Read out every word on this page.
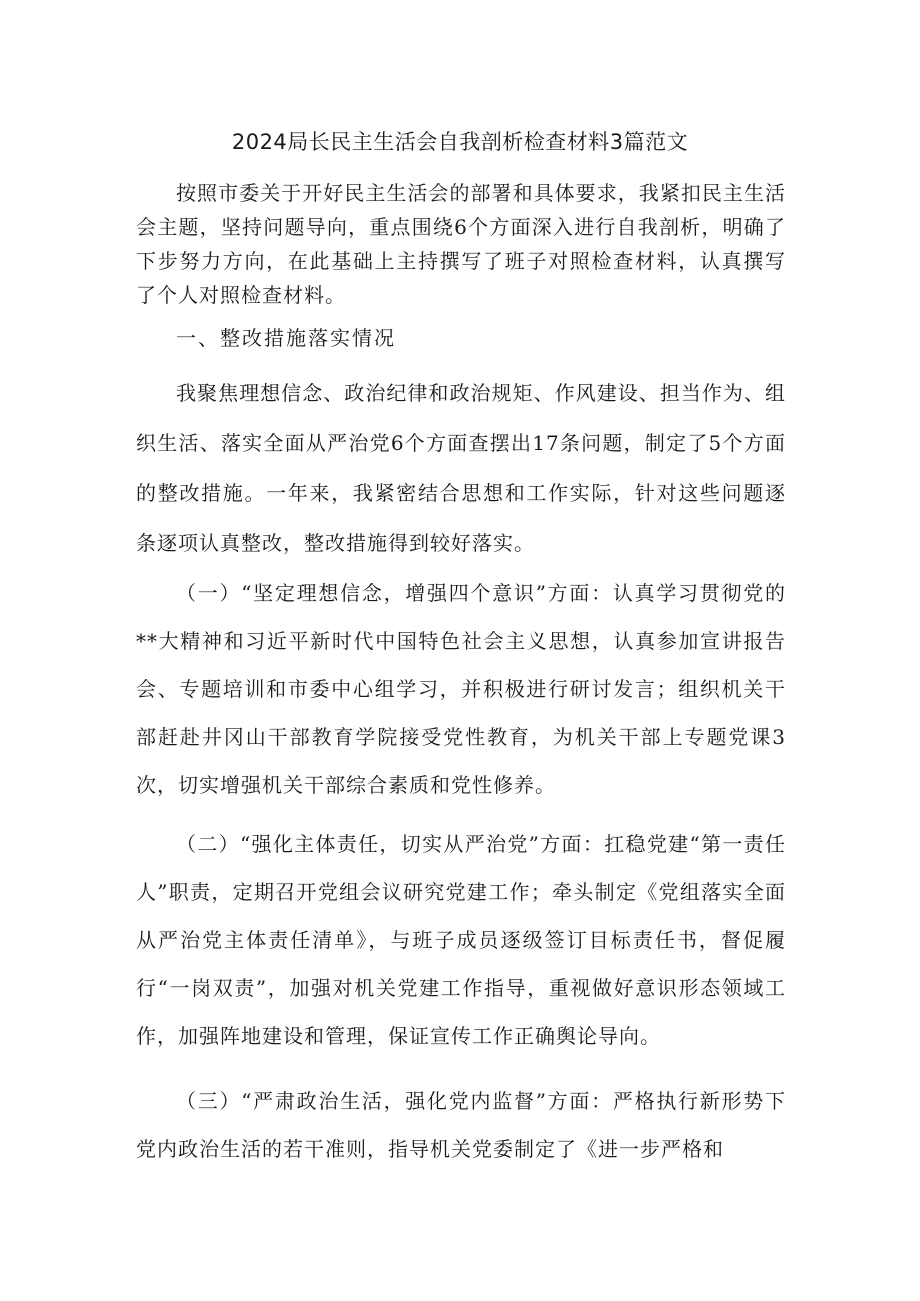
2024局长民主生活会自我剖析检查材料3篇范文

按照市委关于开好民主生活会的部署和具体要求，我紧扣民主生活会主题，坚持问题导向，重点围绕6个方面深入进行自我剖析，明确了下步努力方向，在此基础上主持撰写了班子对照检查材料，认真撰写了个人对照检查材料。

一、整改措施落实情况

我聚焦理想信念、政治纪律和政治规矩、作风建设、担当作为、组织生活、落实全面从严治党6个方面查摆出17条问题，制定了5个方面的整改措施。一年来，我紧密结合思想和工作实际，针对这些问题逐条逐项认真整改，整改措施得到较好落实。

（一）“坚定理想信念，增强四个意识”方面：认真学习贯彻党的**大精神和习近平新时代中国特色社会主义思想，认真参加宣讲报告会、专题培训和市委中心组学习，并积极进行研讨发言；组织机关干部赶赴井冈山干部教育学院接受党性教育，为机关干部上专题党课3次，切实增强机关干部综合素质和党性修养。

（二）“强化主体责任，切实从严治党”方面：扛稳党建“第一责任人”职责，定期召开党组会议研究党建工作；牵头制定《党组落实全面从严治党主体责任清单》，与班子成员逐级签订目标责任书，督促履行“一岗双责”，加强对机关党建工作指导，重视做好意识形态领域工作，加强阵地建设和管理，保证宣传工作正确舆论导向。

（三）“严肃政治生活，强化党内监督”方面：严格执行新形势下党内政治生活的若干准则，指导机关党委制定了《进一步严格和
